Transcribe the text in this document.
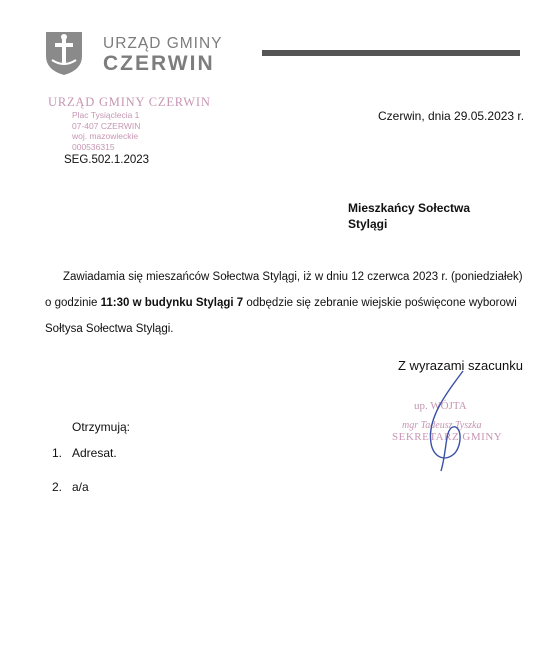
URZĄD GMINY
CZERWIN
URZĄD GMINY CZERWIN
Plac Tysiąclecia 1
07-407 CZERWIN
woj. mazowieckie
000536315
SEG.502.1.2023
Czerwin, dnia 29.05.2023 r.
Mieszkańcy Sołectwa
Stylągi

Zawiadamia się mieszańców Sołectwa Stylągi, iż w dniu 12 czerwca 2023 r. (poniedziałek)

o godzinie 11:30 w budynku Stylągi 7 odbędzie się zebranie wiejskie poświęcone wyborowi

Sołtysa Sołectwa Stylągi.

Z wyrazami szacunku
up. WÓJTA
mgr Tadeusz Tyszka
SEKRETARZ GMINY
Otrzymują:
1. Adresat.
2. a/a
